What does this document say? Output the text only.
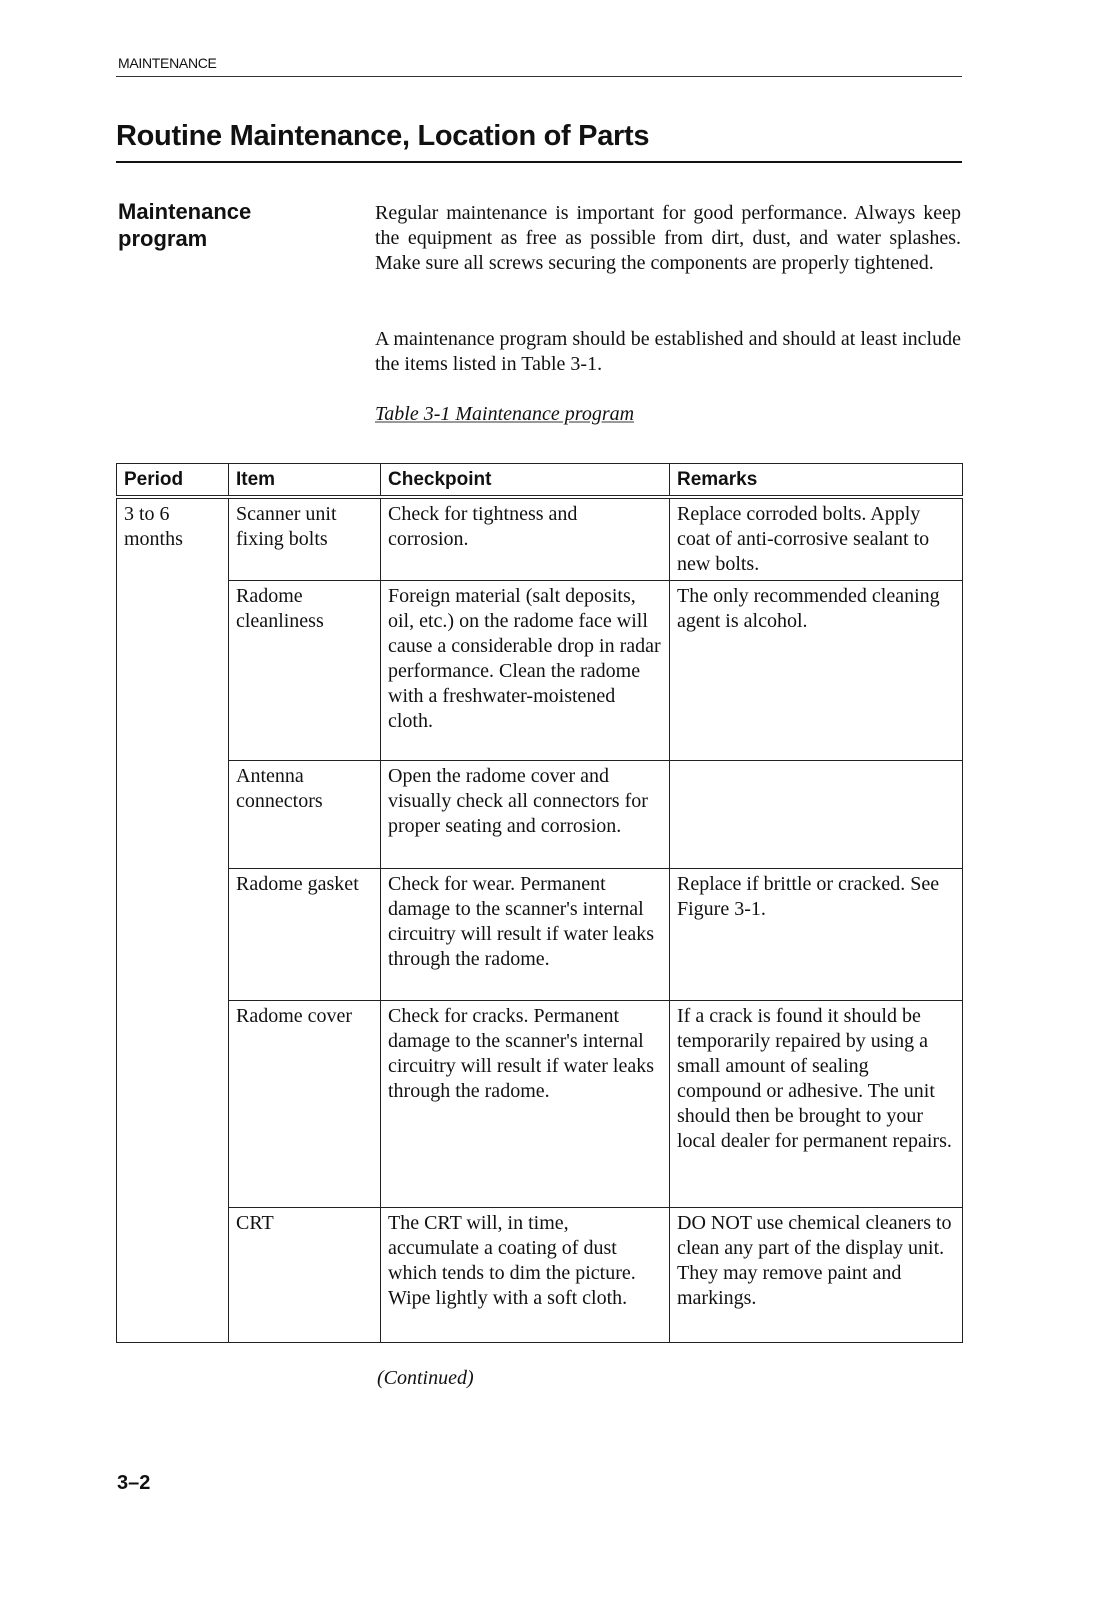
MAINTENANCE
Routine Maintenance, Location of Parts
Maintenance
program
Regular maintenance is important for good performance. Always keep the equipment as free as possible from dirt, dust, and water splashes. Make sure all screws securing the components are properly tightened.
A maintenance program should be established and should at least include the items listed in Table 3-1.
Table 3-1 Maintenance program
Period	Item	Checkpoint	Remarks
3 to 6 months	Scanner unit fixing bolts	Check for tightness and corrosion.	Replace corroded bolts. Apply coat of anti-corrosive sealant to new bolts.
	Radome cleanliness	Foreign material (salt deposits, oil, etc.) on the radome face will cause a considerable drop in radar performance. Clean the radome with a freshwater-moistened cloth.	The only recommended cleaning agent is alcohol.
	Antenna connectors	Open the radome cover and visually check all connectors for proper seating and corrosion.	
	Radome gasket	Check for wear. Permanent damage to the scanner's internal circuitry will result if water leaks through the radome.	Replace if brittle or cracked. See Figure 3-1.
	Radome cover	Check for cracks. Permanent damage to the scanner's internal circuitry will result if water leaks through the radome.	If a crack is found it should be temporarily repaired by using a small amount of sealing compound or adhesive. The unit should then be brought to your local dealer for permanent repairs.
	CRT	The CRT will, in time, accumulate a coating of dust which tends to dim the picture. Wipe lightly with a soft cloth.	DO NOT use chemical cleaners to clean any part of the display unit. They may remove paint and markings.
(Continued)
3–2
